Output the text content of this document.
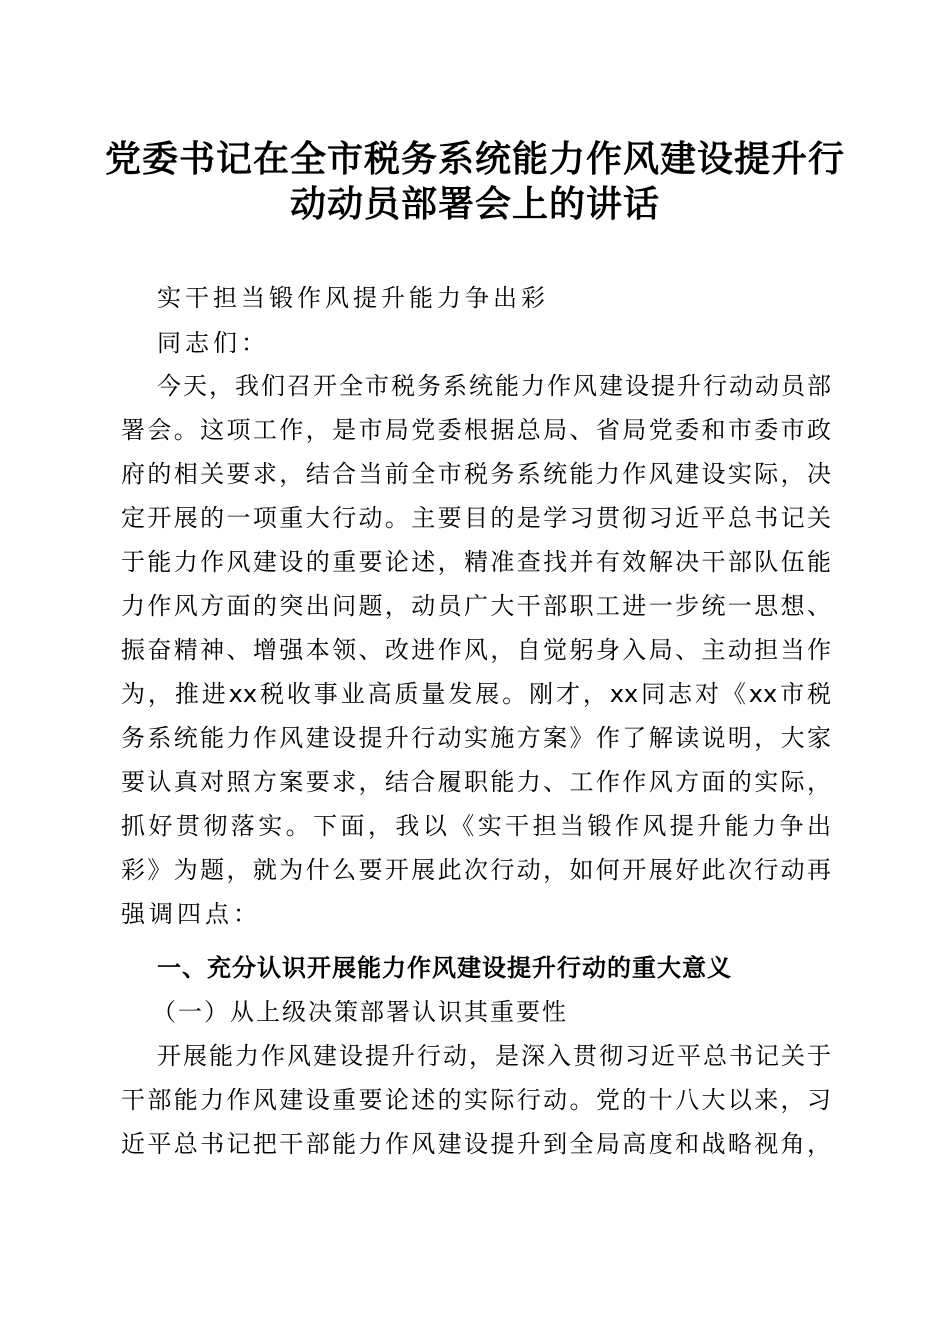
党委书记在全市税务系统能力作风建设提升行
动动员部署会上的讲话
实干担当锻作风提升能力争出彩
同志们：
今天，我们召开全市税务系统能力作风建设提升行动动员部
署会。这项工作，是市局党委根据总局、省局党委和市委市政
府的相关要求，结合当前全市税务系统能力作风建设实际，决
定开展的一项重大行动。主要目的是学习贯彻习近平总书记关
于能力作风建设的重要论述，精准查找并有效解决干部队伍能
力作风方面的突出问题，动员广大干部职工进一步统一思想、
振奋精神、增强本领、改进作风，自觉躬身入局、主动担当作
为，推进xx税收事业高质量发展。刚才，xx同志对《xx市税
务系统能力作风建设提升行动实施方案》作了解读说明，大家
要认真对照方案要求，结合履职能力、工作作风方面的实际，
抓好贯彻落实。下面，我以《实干担当锻作风提升能力争出
彩》为题，就为什么要开展此次行动，如何开展好此次行动再
强调四点：
一、充分认识开展能力作风建设提升行动的重大意义
（一）从上级决策部署认识其重要性
开展能力作风建设提升行动，是深入贯彻习近平总书记关于
干部能力作风建设重要论述的实际行动。党的十八大以来，习
近平总书记把干部能力作风建设提升到全局高度和战略视角，
